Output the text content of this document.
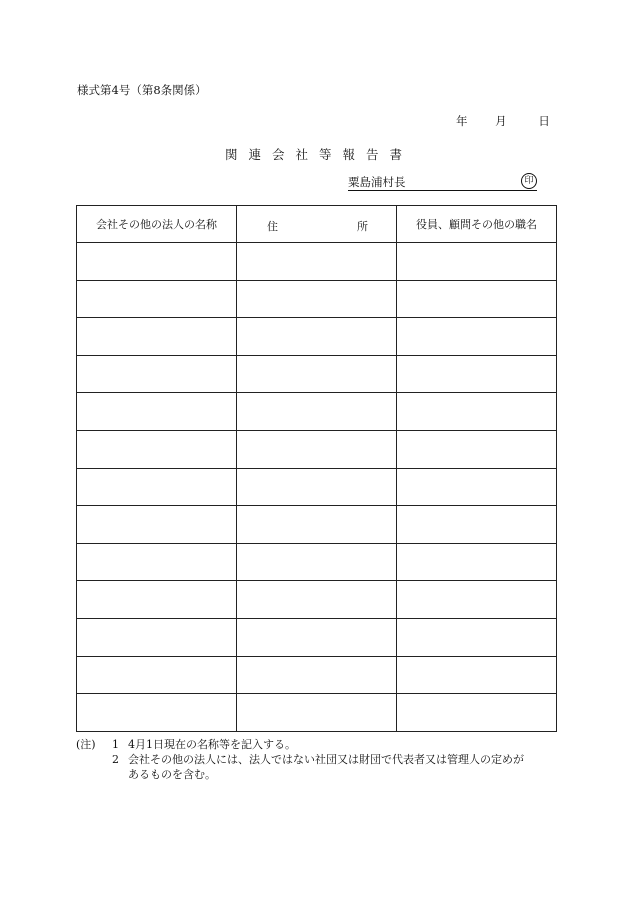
様式第4号（第8条関係）
年 月	日
関連会社等報告書
粟島浦村長	印
会社その他の法人の名称	住 所	役員、顧問その他の職名

(注)	1 4月1日現在の名称等を記入する。
2 会社その他の法人には、法人ではない社団又は財団で代表者又は管理人の定めが
あるものを含む。
